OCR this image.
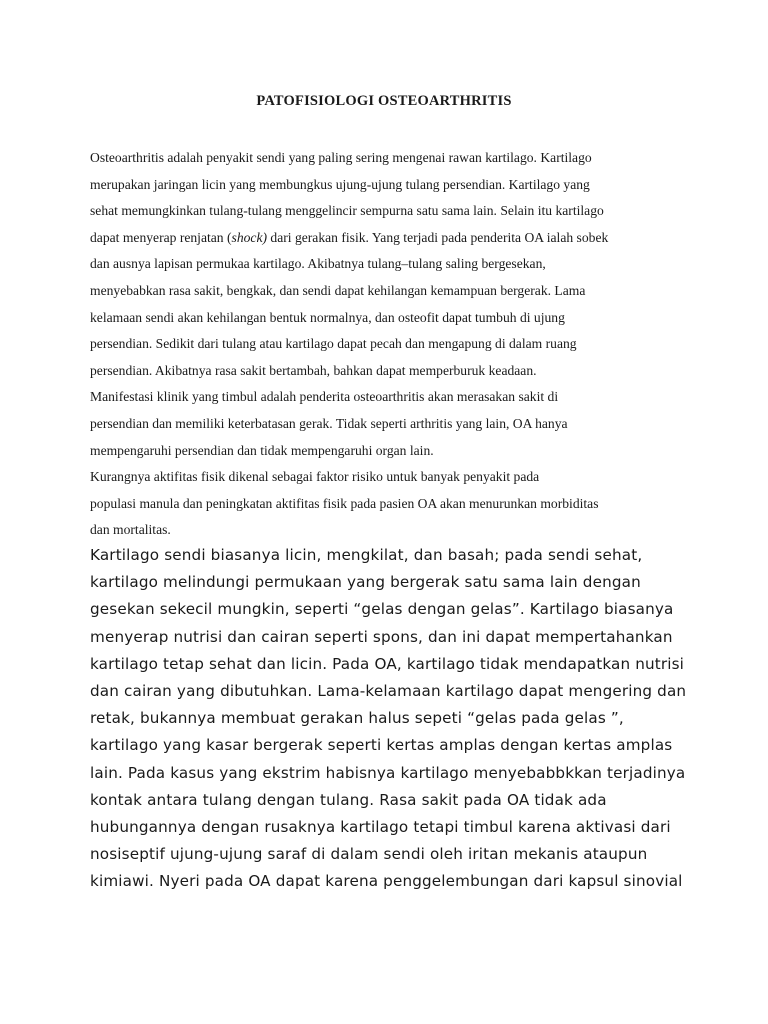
PATOFISIOLOGI OSTEOARTHRITIS
Osteoarthritis adalah penyakit sendi yang paling sering mengenai rawan kartilago. Kartilago
merupakan jaringan licin yang membungkus ujung-ujung tulang persendian. Kartilago yang
sehat memungkinkan tulang-tulang menggelincir sempurna satu sama lain. Selain itu kartilago
dapat menyerap renjatan (shock) dari gerakan fisik. Yang terjadi pada penderita OA ialah sobek
dan ausnya lapisan permukaa kartilago. Akibatnya tulang–tulang saling bergesekan,
menyebabkan rasa sakit, bengkak, dan sendi dapat kehilangan kemampuan bergerak. Lama
kelamaan sendi akan kehilangan bentuk normalnya, dan osteofit dapat tumbuh di ujung
persendian. Sedikit dari tulang atau kartilago dapat pecah dan mengapung di dalam ruang
persendian. Akibatnya rasa sakit bertambah, bahkan dapat memperburuk keadaan.
Manifestasi klinik yang timbul adalah penderita osteoarthritis akan merasakan sakit di
persendian dan memiliki keterbatasan gerak. Tidak seperti arthritis yang lain, OA hanya
mempengaruhi persendian dan tidak mempengaruhi organ lain.
Kurangnya aktifitas fisik dikenal sebagai faktor risiko untuk banyak penyakit pada
populasi manula dan peningkatan aktifitas fisik pada pasien OA akan menurunkan morbiditas
dan mortalitas.
Kartilago sendi biasanya licin, mengkilat, dan basah; pada sendi sehat,
kartilago melindungi permukaan yang bergerak satu sama lain dengan
gesekan sekecil mungkin, seperti “gelas dengan gelas”. Kartilago biasanya
menyerap nutrisi dan cairan seperti spons, dan ini dapat mempertahankan
kartilago tetap sehat dan licin. Pada OA, kartilago tidak mendapatkan nutrisi
dan cairan yang dibutuhkan. Lama-kelamaan kartilago dapat mengering dan
retak, bukannya membuat gerakan halus sepeti “gelas pada gelas ”,
kartilago yang kasar bergerak seperti kertas amplas dengan kertas amplas
lain. Pada kasus yang ekstrim habisnya kartilago menyebabbkkan terjadinya
kontak antara tulang dengan tulang. Rasa sakit pada OA tidak ada
hubungannya dengan rusaknya kartilago tetapi timbul karena aktivasi dari
nosiseptif ujung-ujung saraf di dalam sendi oleh iritan mekanis ataupun
kimiawi. Nyeri pada OA dapat karena penggelembungan dari kapsul sinovial
